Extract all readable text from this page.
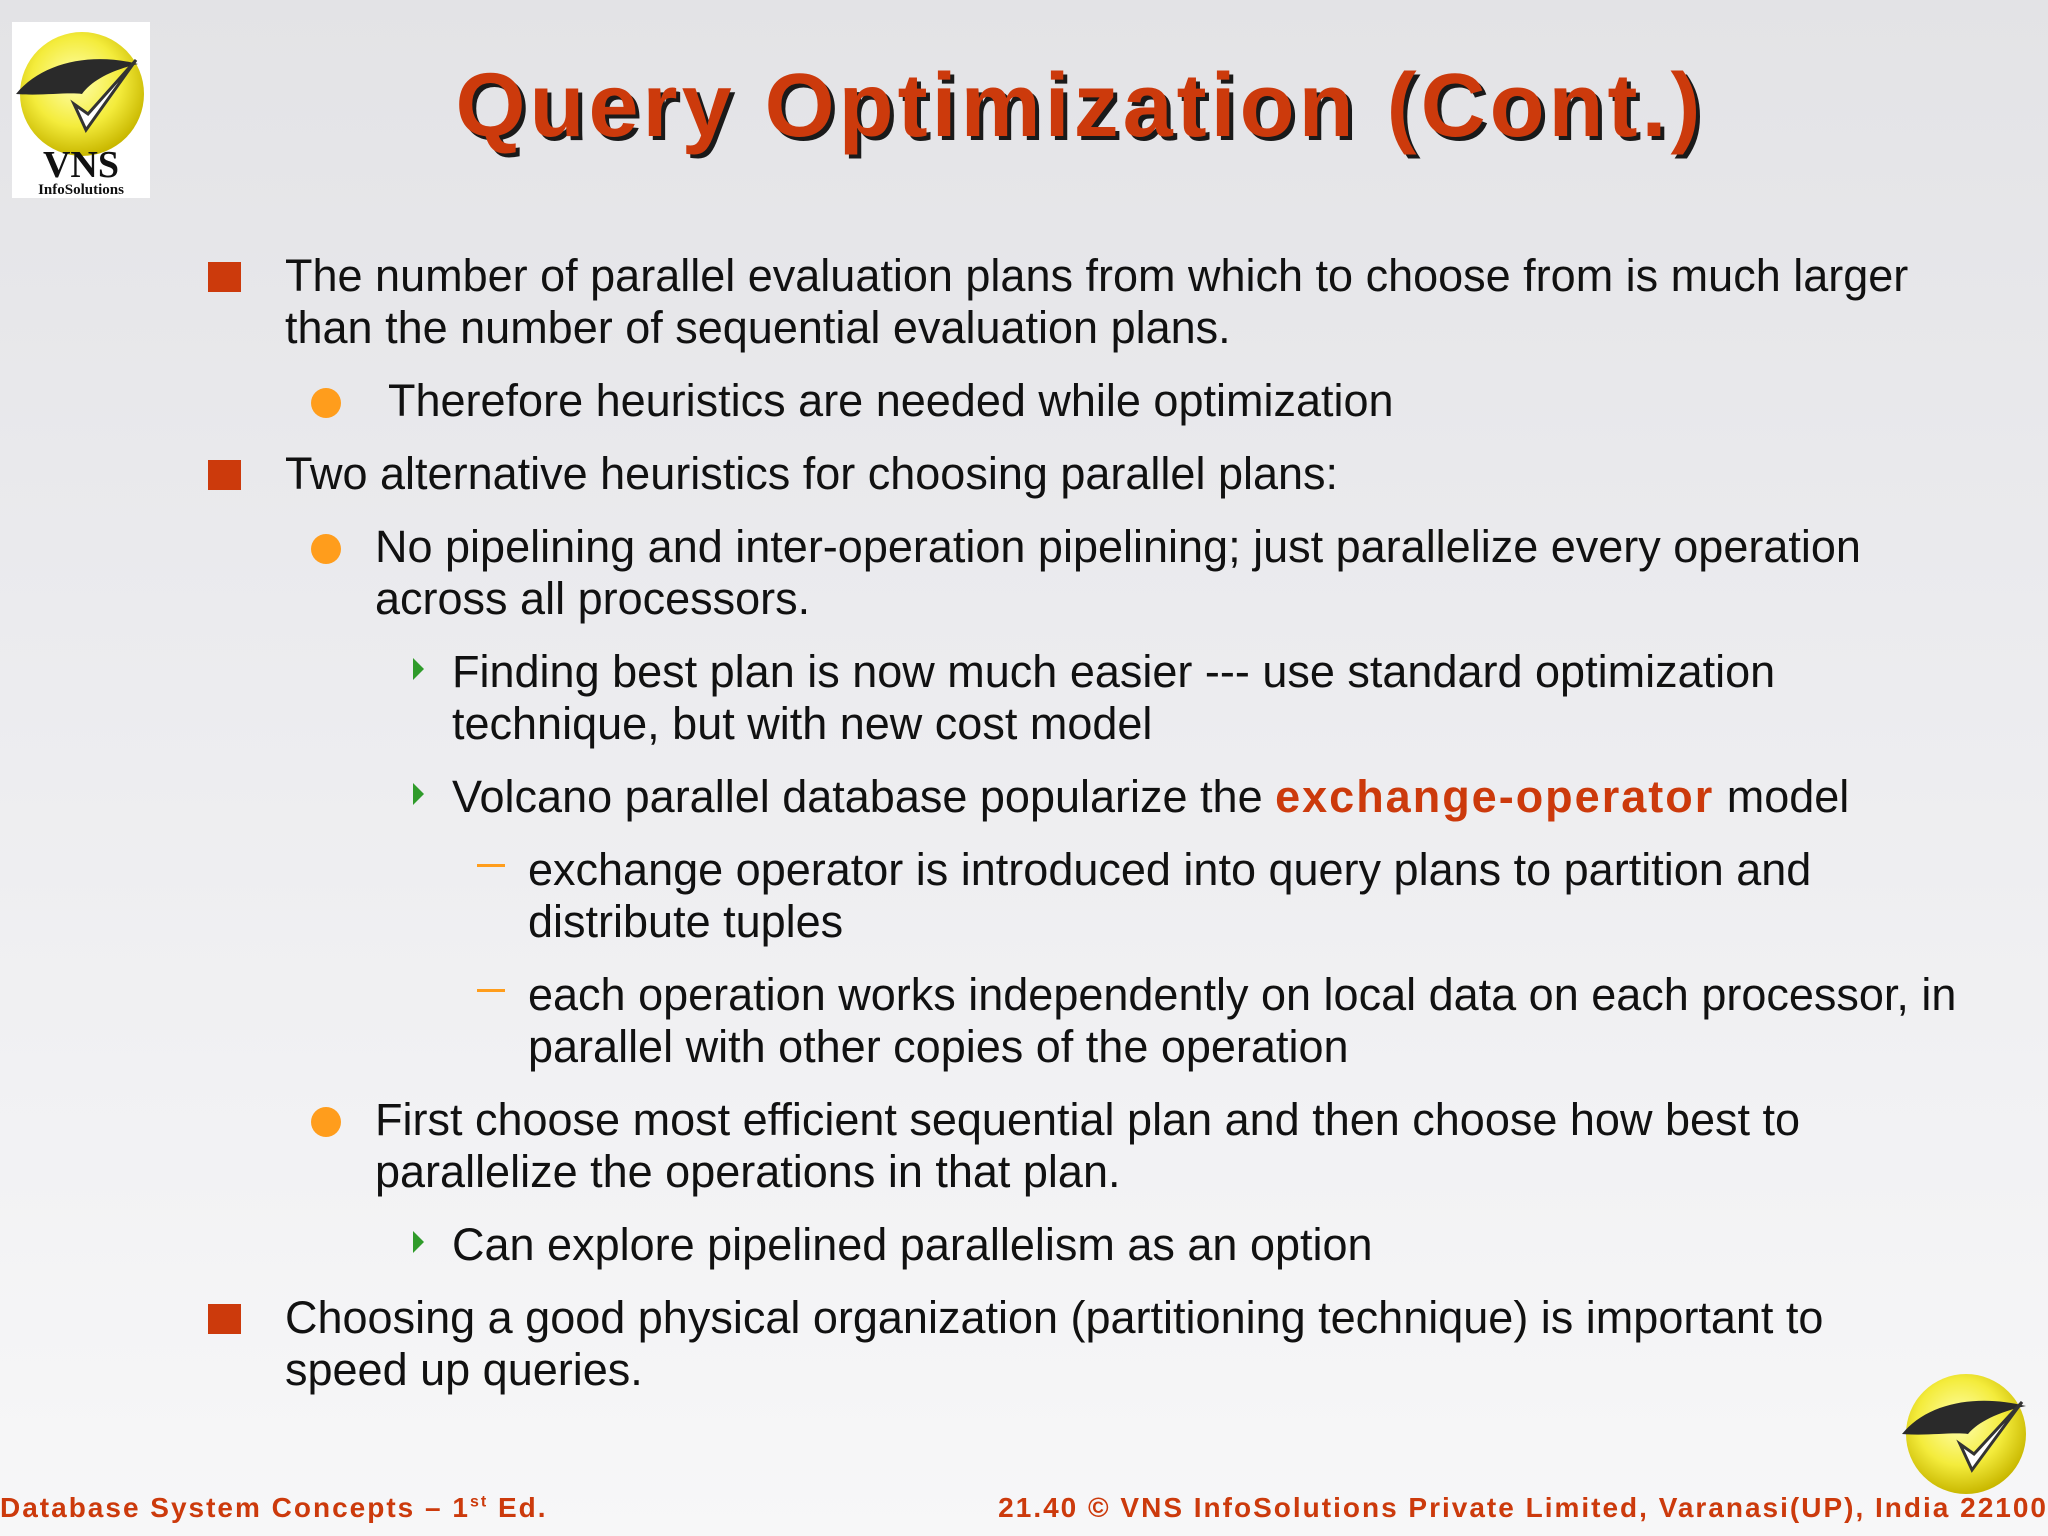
VNS
InfoSolutions
Query Optimization (Cont.)
The number of parallel evaluation plans from which to choose from is much larger than the number of sequential evaluation plans.
Therefore heuristics are needed while optimization
Two alternative heuristics for choosing parallel plans:
No pipelining and inter-operation pipelining; just parallelize every operation across all processors.
Finding best plan is now much easier --- use standard optimization technique, but with new cost model
Volcano parallel database popularize the exchange-operator model
exchange operator is introduced into query plans to partition and distribute tuples
each operation works independently on local data on each processor, in parallel with other copies of the operation
First choose most efficient sequential plan and then choose how best to parallelize the operations in that plan.
Can explore pipelined parallelism as an option
Choosing a good physical organization (partitioning technique) is important to speed up queries.
Database System Concepts – 1st Ed.	21.40 © VNS InfoSolutions Private Limited, Varanasi(UP), India 22100
